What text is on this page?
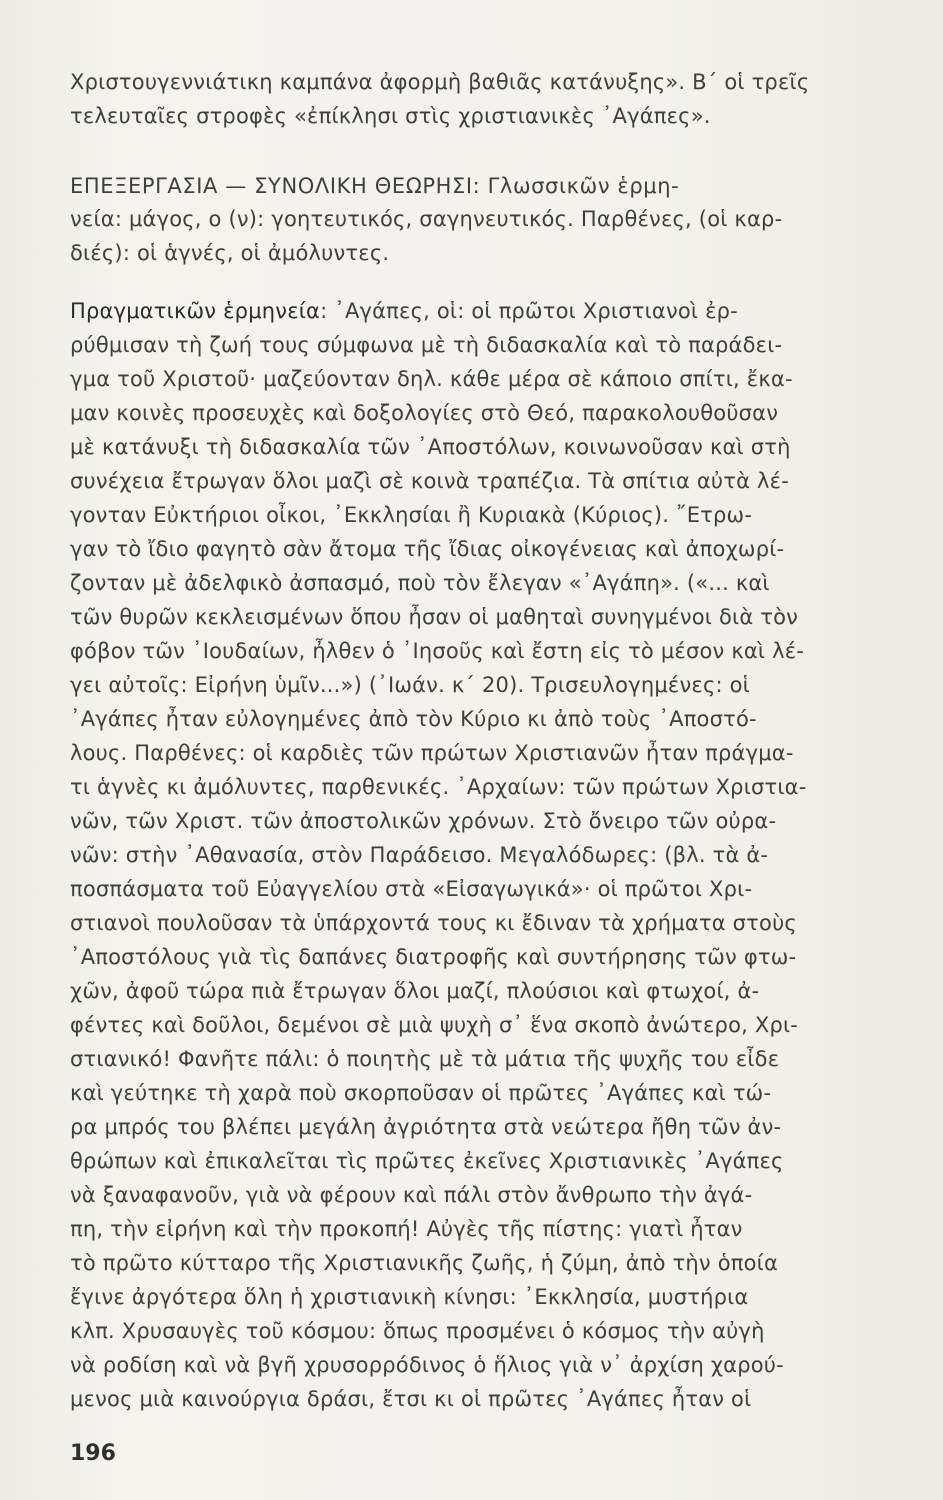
Χριστουγεννιάτικη καμπάνα ἀφορμὴ βαθιᾶς κατάνυξης». Β΄ οἱ τρεῖς
τελευταῖες στροφὲς «ἐπίκλησι στὶς χριστιανικὲς ᾿Αγάπες».
ΕΠΕΞΕΡΓΑΣΙΑ — ΣΥΝΟΛΙΚΗ ΘΕΩΡΗΣΙ: Γλωσσικῶν ἑρμη-
νεία: μάγος, ο (ν): γοητευτικός, σαγηνευτικός. Παρθένες, (οἱ καρ-
διές): οἱ ἁγνές, οἱ ἀμόλυντες.
Πραγματικῶν ἑρμηνεία: ᾿Αγάπες, οἱ: οἱ πρῶτοι Χριστιανοὶ ἐρ-
ρύθμισαν τὴ ζωή τους σύμφωνα μὲ τὴ διδασκαλία καὶ τὸ παράδει-
γμα τοῦ Χριστοῦ· μαζεύονταν δηλ. κάθε μέρα σὲ κάποιο σπίτι, ἔκα-
μαν κοινὲς προσευχὲς καὶ δοξολογίες στὸ Θεό, παρακολουθοῦσαν
μὲ κατάνυξι τὴ διδασκαλία τῶν ᾿Αποστόλων, κοινωνοῦσαν καὶ στὴ
συνέχεια ἔτρωγαν ὅλοι μαζὶ σὲ κοινὰ τραπέζια. Τὰ σπίτια αὐτὰ λέ-
γονταν Εὐκτήριοι οἶκοι, ᾿Εκκλησίαι ἢ Κυριακὰ (Κύριος). ῎Ετρω-
γαν τὸ ἴδιο φαγητὸ σὰν ἄτομα τῆς ἴδιας οἰκογένειας καὶ ἀποχωρί-
ζονταν μὲ ἀδελφικὸ ἀσπασμό, ποὺ τὸν ἔλεγαν «᾿Αγάπη». («... καὶ
τῶν θυρῶν κεκλεισμένων ὅπου ἦσαν οἱ μαθηταὶ συνηγμένοι διὰ τὸν
φόβον τῶν ᾿Ιουδαίων, ἦλθεν ὁ ᾿Ιησοῦς καὶ ἔστη εἰς τὸ μέσον καὶ λέ-
γει αὐτοῖς: Εἰρήνη ὑμῖν...») (᾿Ιωάν. κ΄ 20). Τρισευλογημένες: οἱ
᾿Αγάπες ἦταν εὐλογημένες ἀπὸ τὸν Κύριο κι ἀπὸ τοὺς ᾿Αποστό-
λους. Παρθένες: οἱ καρδιὲς τῶν πρώτων Χριστιανῶν ἦταν πράγμα-
τι ἁγνὲς κι ἀμόλυντες, παρθενικές. ᾿Αρχαίων: τῶν πρώτων Χριστια-
νῶν, τῶν Χριστ. τῶν ἀποστολικῶν χρόνων. Στὸ ὄνειρο τῶν οὐρα-
νῶν: στὴν ᾿Αθανασία, στὸν Παράδεισο. Μεγαλόδωρες: (βλ. τὰ ἀ-
ποσπάσματα τοῦ Εὐαγγελίου στὰ «Εἰσαγωγικά»· οἱ πρῶτοι Χρι-
στιανοὶ πουλοῦσαν τὰ ὑπάρχοντά τους κι ἔδιναν τὰ χρήματα στοὺς
᾿Αποστόλους γιὰ τὶς δαπάνες διατροφῆς καὶ συντήρησης τῶν φτω-
χῶν, ἀφοῦ τώρα πιὰ ἔτρωγαν ὅλοι μαζί, πλούσιοι καὶ φτωχοί, ἀ-
φέντες καὶ δοῦλοι, δεμένοι σὲ μιὰ ψυχὴ σ᾿ ἕνα σκοπὸ ἀνώτερο, Χρι-
στιανικό! Φανῆτε πάλι: ὁ ποιητὴς μὲ τὰ μάτια τῆς ψυχῆς του εἶδε
καὶ γεύτηκε τὴ χαρὰ ποὺ σκορποῦσαν οἱ πρῶτες ᾿Αγάπες καὶ τώ-
ρα μπρός του βλέπει μεγάλη ἀγριότητα στὰ νεώτερα ἤθη τῶν ἀν-
θρώπων καὶ ἐπικαλεῖται τὶς πρῶτες ἐκεῖνες Χριστιανικὲς ᾿Αγάπες
νὰ ξαναφανοῦν, γιὰ νὰ φέρουν καὶ πάλι στὸν ἄνθρωπο τὴν ἀγά-
πη, τὴν εἰρήνη καὶ τὴν προκοπή! Αὐγὲς τῆς πίστης: γιατὶ ἦταν
τὸ πρῶτο κύτταρο τῆς Χριστιανικῆς ζωῆς, ἡ ζύμη, ἀπὸ τὴν ὁποία
ἔγινε ἀργότερα ὅλη ἡ χριστιανικὴ κίνησι: ᾿Εκκλησία, μυστήρια
κλπ. Χρυσαυγὲς τοῦ κόσμου: ὅπως προσμένει ὁ κόσμος τὴν αὐγὴ
νὰ ροδίση καὶ νὰ βγῆ χρυσορρόδινος ὁ ἥλιος γιὰ ν᾿ ἀρχίση χαρού-
μενος μιὰ καινούργια δράσι, ἔτσι κι οἱ πρῶτες ᾿Αγάπες ἦταν οἱ
196
